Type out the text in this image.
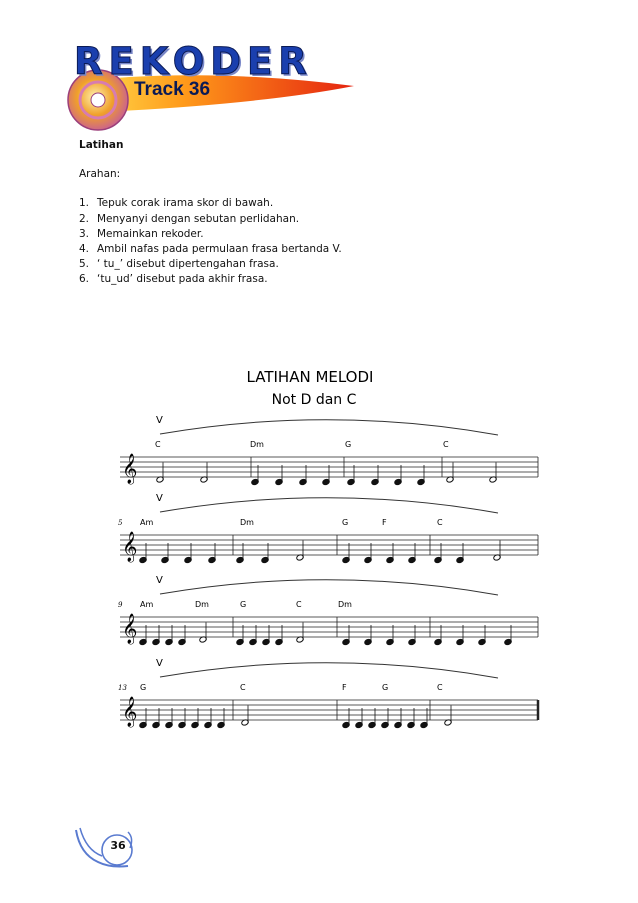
REKODER
Track 36
Latihan
Arahan:
1. Tepuk corak irama skor di bawah.
2. Menyanyi dengan sebutan perlidahan.
3. Memainkan rekoder.
4. Ambil nafas pada permulaan frasa bertanda V.
5. ‘ tu_’ disebut dipertengahan frasa.
6. ‘tu_ud’ disebut pada akhir frasa.
LATIHAN MELODI
Not D dan C
V
C	Dm	G	C
𝄞
V
5 Am	Dm	G	F	C
𝄞
V
9 Am	Dm	G	C	Dm
𝄞
V
13 G	C	F	G	C
𝄞
36
